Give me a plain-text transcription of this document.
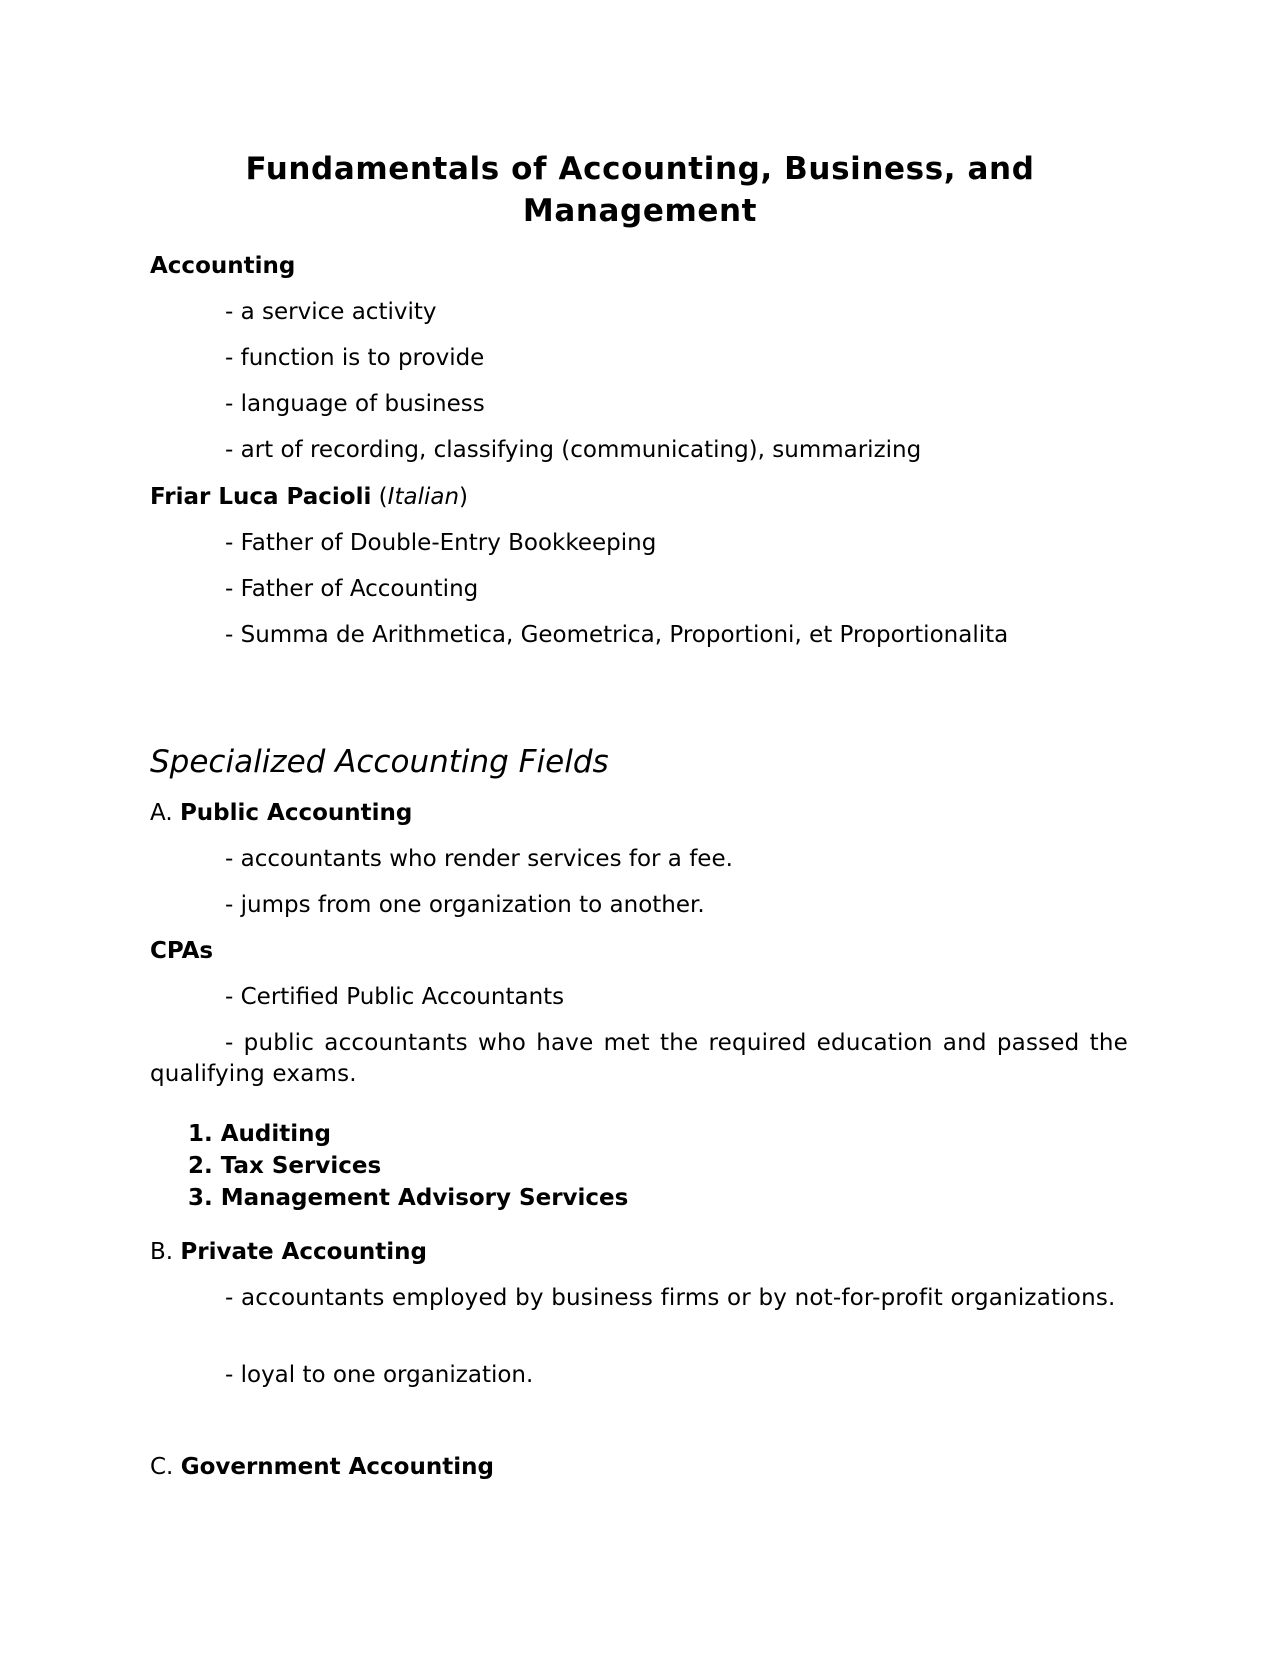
Fundamentals of Accounting, Business, and Management

Accounting

- a service activity

- function is to provide

- language of business

- art of recording, classifying (communicating), summarizing

Friar Luca Pacioli (Italian)

- Father of Double-Entry Bookkeeping

- Father of Accounting

- Summa de Arithmetica, Geometrica, Proportioni, et Proportionalita

Specialized Accounting Fields

A. Public Accounting

- accountants who render services for a fee.

- jumps from one organization to another.

CPAs

- Certified Public Accountants

- public accountants who have met the required education and passed the qualifying exams.

1. Auditing
2. Tax Services
3. Management Advisory Services

B. Private Accounting

- accountants employed by business firms or by not-for-profit organizations.

- loyal to one organization.

C. Government Accounting
